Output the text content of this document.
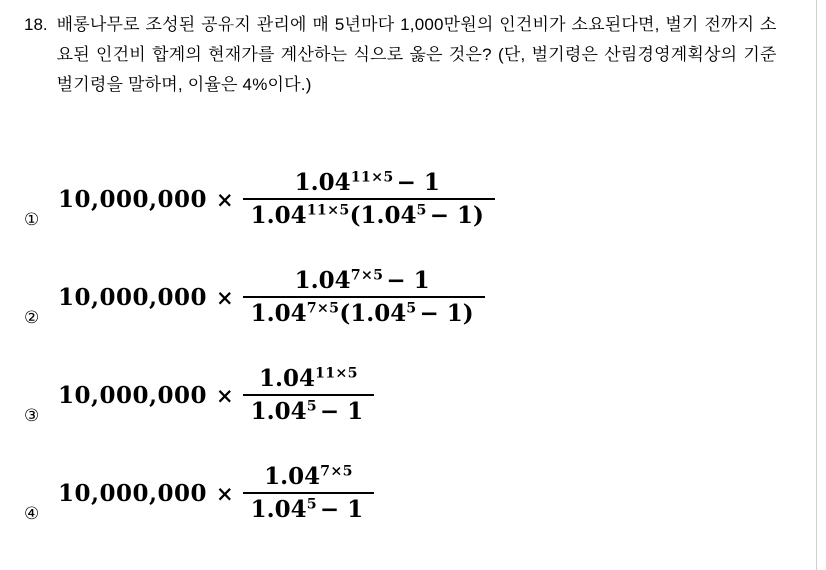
18. 배롱나무로 조성된 공유지 관리에 매 5년마다 1,000만원의 인건비가 소요된다면, 벌기 전까지 소요된 인건비 합계의 현재가를 계산하는 식으로 옳은 것은? (단, 벌기령은 산림경영계획상의 기준벌기령을 말하며, 이율은 4%이다.)
①
$10,000,000 \times \frac{1.04^{11\times 5} - 1}{1.04^{11\times 5}(1.04^5 - 1)}$
②
$10,000,000 \times \frac{1.04^{7\times 5} - 1}{1.04^{7\times 5}(1.04^5 - 1)}$
③
$10,000,000 \times \frac{1.04^{11\times 5}}{1.04^5 - 1}$
④
$10,000,000 \times \frac{1.04^{7\times 5}}{1.04^5 - 1}$
